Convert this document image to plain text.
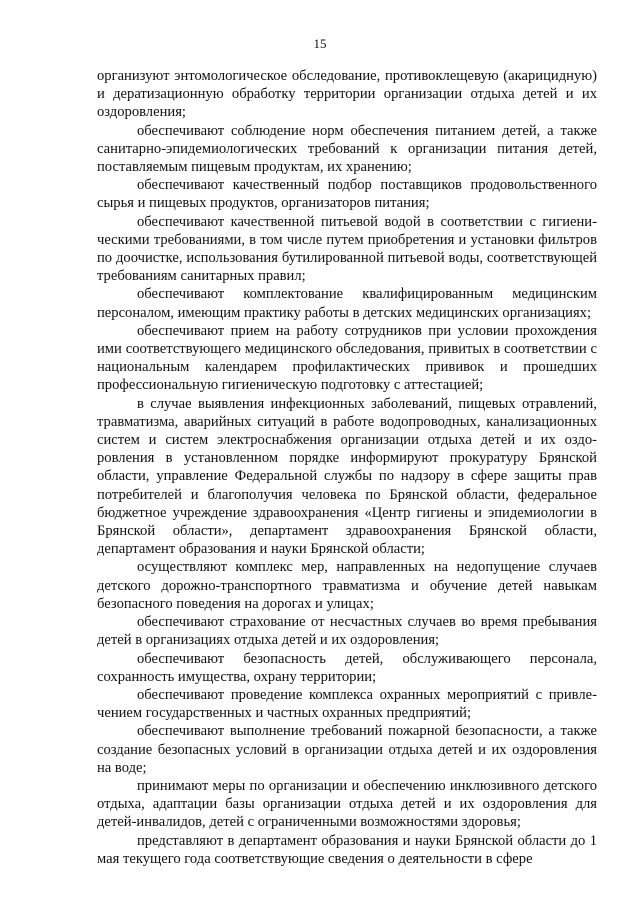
15

организуют энтомологическое обследование, противоклещевую (акарицидную) и дератизационную обработку территории организации отдыха детей и их оздоровления;

обеспечивают соблюдение норм обеспечения питанием детей, а также санитарно-эпидемиологических требований к организации питания детей, поставляемым пищевым продуктам, их хранению;

обеспечивают качественный подбор поставщиков продовольственного сырья и пищевых продуктов, организаторов питания;

обеспечивают качественной питьевой водой в соответствии с гигиеническими требованиями, в том числе путем приобретения и установки фильтров по доочистке, использования бутилированной питьевой воды, соответствующей требованиям санитарных правил;

обеспечивают комплектование квалифицированным медицинским персоналом, имеющим практику работы в детских медицинских организациях;

обеспечивают прием на работу сотрудников при условии прохождения ими соответствующего медицинского обследования, привитых в соответствии с национальным календарем профилактических прививок и прошедших профессиональную гигиеническую подготовку с аттестацией;

в случае выявления инфекционных заболеваний, пищевых отравлений, травматизма, аварийных ситуаций в работе водопроводных, канализационных систем и систем электроснабжения организации отдыха детей и их оздоровления в установленном порядке информируют прокуратуру Брянской области, управление Федеральной службы по надзору в сфере защиты прав потребителей и благополучия человека по Брянской области, федеральное бюджетное учреждение здравоохранения «Центр гигиены и эпидемиологии в Брянской области», департамент здравоохранения Брянской области, департамент образования и науки Брянской области;

осуществляют комплекс мер, направленных на недопущение случаев детского дорожно-транспортного травматизма и обучение детей навыкам безопасного поведения на дорогах и улицах;

обеспечивают страхование от несчастных случаев во время пребывания детей в организациях отдыха детей и их оздоровления;

обеспечивают безопасность детей, обслуживающего персонала, сохранность имущества, охрану территории;

обеспечивают проведение комплекса охранных мероприятий с привлечением государственных и частных охранных предприятий;

обеспечивают выполнение требований пожарной безопасности, а также создание безопасных условий в организации отдыха детей и их оздоровления на воде;

принимают меры по организации и обеспечению инклюзивного детского отдыха, адаптации базы организации отдыха детей и их оздоровления для детей-инвалидов, детей с ограниченными возможностями здоровья;

представляют в департамент образования и науки Брянской области до 1 мая текущего года соответствующие сведения о деятельности в сфере
